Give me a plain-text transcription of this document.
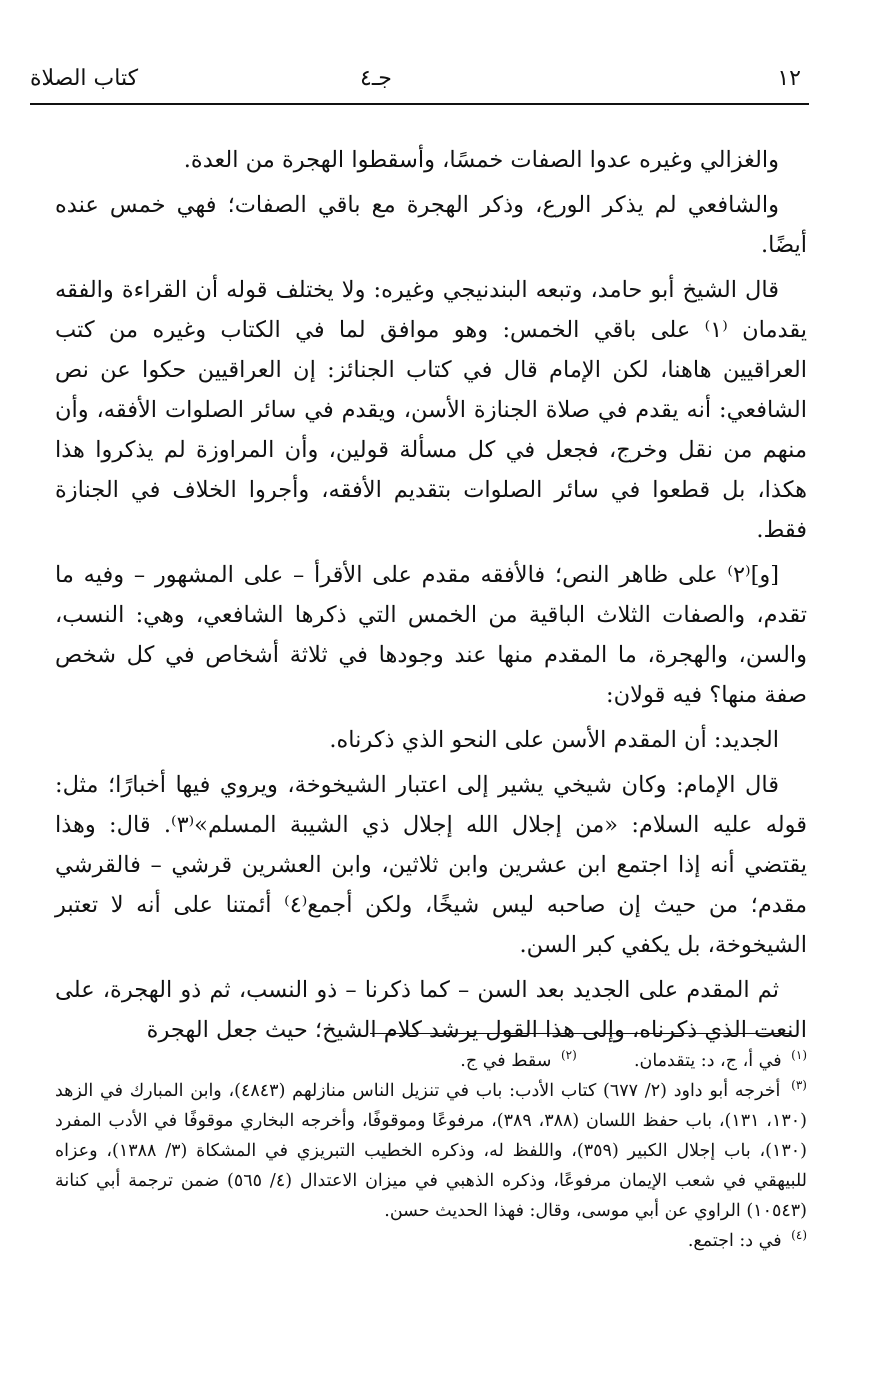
١٢
جـ٤
كتاب الصلاة

والغزالي وغيره عدوا الصفات خمسًا، وأسقطوا الهجرة من العدة.

والشافعي لم يذكر الورع، وذكر الهجرة مع باقي الصفات؛ فهي خمس عنده أيضًا.

قال الشيخ أبو حامد، وتبعه البندنيجي وغيره: ولا يختلف قوله أن القراءة والفقه يقدمان ⁽١⁾ على باقي الخمس: وهو موافق لما في الكتاب وغيره من كتب العراقيين هاهنا، لكن الإمام قال في كتاب الجنائز: إن العراقيين حكوا عن نص الشافعي: أنه يقدم في صلاة الجنازة الأسن، ويقدم في سائر الصلوات الأفقه، وأن منهم من نقل وخرج، فجعل في كل مسألة قولين، وأن المراوزة لم يذكروا هذا هكذا، بل قطعوا في سائر الصلوات بتقديم الأفقه، وأجروا الخلاف في الجنازة فقط.

[و]⁽٢⁾ على ظاهر النص؛ فالأفقه مقدم على الأقرأ – على المشهور – وفيه ما تقدم، والصفات الثلاث الباقية من الخمس التي ذكرها الشافعي، وهي: النسب، والسن، والهجرة، ما المقدم منها عند وجودها في ثلاثة أشخاص في كل شخص صفة منها؟ فيه قولان:

الجديد: أن المقدم الأسن على النحو الذي ذكرناه.

قال الإمام: وكان شيخي يشير إلى اعتبار الشيخوخة، ويروي فيها أخبارًا؛ مثل: قوله عليه السلام: «من إجلال الله إجلال ذي الشيبة المسلم»⁽٣⁾. قال: وهذا يقتضي أنه إذا اجتمع ابن عشرين وابن ثلاثين، وابن العشرين قرشي – فالقرشي مقدم؛ من حيث إن صاحبه ليس شيخًا، ولكن أجمع⁽٤⁾ أئمتنا على أنه لا تعتبر الشيخوخة، بل يكفي كبر السن.

ثم المقدم على الجديد بعد السن – كما ذكرنا – ذو النسب، ثم ذو الهجرة، على النعت الذي ذكرناه، وإلى هذا القول يرشد كلام الشيخ؛ حيث جعل الهجرة

$^{(١)}$ في أ، ج، د: يتقدمان.  $^{(٢)}$ سقط في ج.

$^{(٣)}$ أخرجه أبو داود (٢/ ٦٧٧) كتاب الأدب: باب في تنزيل الناس منازلهم (٤٨٤٣)، وابن المبارك في الزهد (١٣٠، ١٣١)، باب حفظ اللسان (٣٨٨، ٣٨٩)، مرفوعًا وموقوفًا، وأخرجه البخاري موقوفًا في الأدب المفرد (١٣٠)، باب إجلال الكبير (٣٥٩)، واللفظ له، وذكره الخطيب التبريزي في المشكاة (٣/ ١٣٨٨)، وعزاه للبيهقي في شعب الإيمان مرفوعًا، وذكره الذهبي في ميزان الاعتدال (٤/ ٥٦٥) ضمن ترجمة أبي كنانة (١٠٥٤٣) الراوي عن أبي موسى، وقال: فهذا الحديث حسن.

$^{(٤)}$ في د: اجتمع.
